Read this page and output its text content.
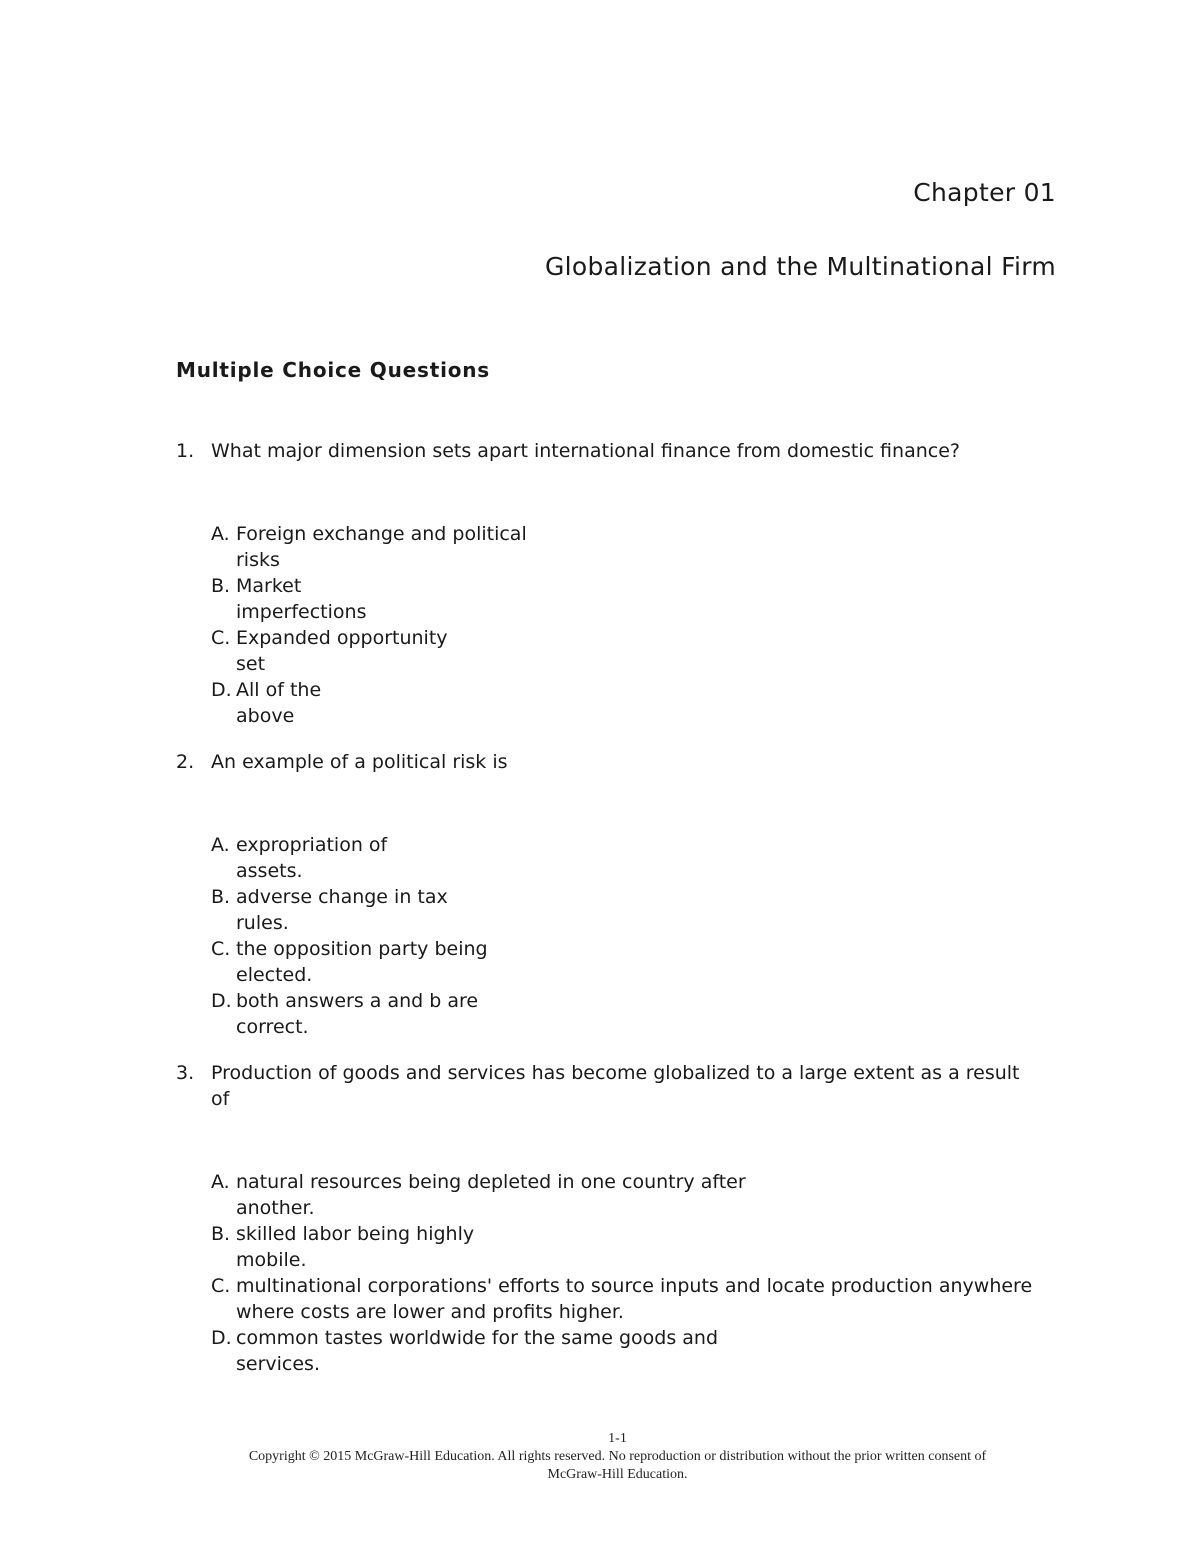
Chapter 01
Globalization and the Multinational Firm
Multiple Choice Questions
1. What major dimension sets apart international finance from domestic finance?
A. Foreign exchange and political
risks
B. Market
imperfections
C. Expanded opportunity
set
D. All of the
above
2. An example of a political risk is
A. expropriation of
assets.
B. adverse change in tax
rules.
C. the opposition party being
elected.
D. both answers a and b are
correct.
3. Production of goods and services has become globalized to a large extent as a result
of
A. natural resources being depleted in one country after
another.
B. skilled labor being highly
mobile.
C. multinational corporations' efforts to source inputs and locate production anywhere
where costs are lower and profits higher.
D. common tastes worldwide for the same goods and
services.
1-1
Copyright © 2015 McGraw-Hill Education. All rights reserved. No reproduction or distribution without the prior written consent of
McGraw-Hill Education.
